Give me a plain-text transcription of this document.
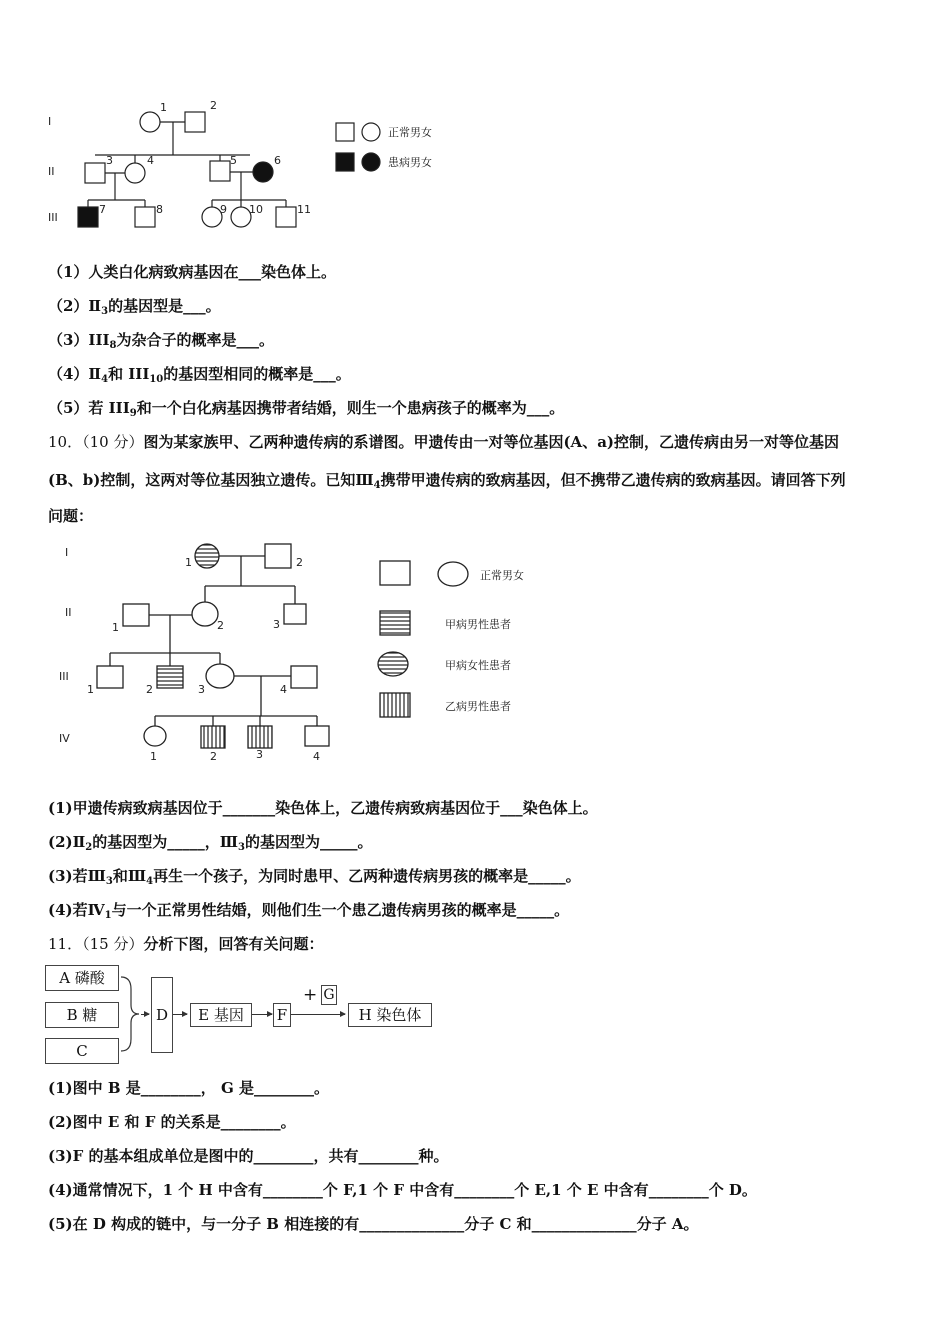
I
II
III
1	2
3	4	5	6
7	8	9 10	11
正常男女
患病男女
（1）人类白化病致病基因在___染色体上。
$(2)Ⅱ_3$的基因型是___。
$(3)III_8$为杂合子的概率是___。
$(4)Ⅱ_4$和 $III_{10}$的基因型相同的概率是___。
（5）若 $III_9$和一个白化病基因携带者结婚，则生一个患病孩子的概率为___。
10．（10 分）图为某家族甲、乙两种遗传病的系谱图。甲遗传由一对等位基因(A、a)控制，乙遗传病由另一对等位基因
(B、b)控制，这两对等位基因独立遗传。已知$Ⅲ_4$携带甲遗传病的致病基因，但不携带乙遗传病的致病基因。请回答下列
问题：
I
II
III
IV
1	2
1	2	3
1	2	3	4
1	2	3	4
正常男女
甲病男性患者
甲病女性患者
乙病男性患者
(1)甲遗传病致病基因位于_______染色体上，乙遗传病致病基因位于___染色体上。
$(2)Ⅱ_2$的基因型为_____，$Ⅲ_3$的基因型为_____。
(3)若$Ⅲ_3$和$Ⅲ_4$再生一个孩子，为同时患甲、乙两种遗传病男孩的概率是_____。
(4)若$Ⅳ_1$与一个正常男性结婚，则他们生一个患乙遗传病男孩的概率是_____。
11．（15 分）分析下图，回答有关问题：
A 磷酸
B 糖
C
D	E 基因	F
+ G
H 染色体
(1)图中 B 是________， G 是________。
(2)图中 E 和 F 的关系是________。
(3)F 的基本组成单位是图中的________，共有________种。
(4)通常情况下，1 个 H 中含有________个 F,1 个 F 中含有________个 E,1 个 E 中含有________个 D。
(5)在 D 构成的链中，与一分子 B 相连接的有______________分子 C 和______________分子 A。
